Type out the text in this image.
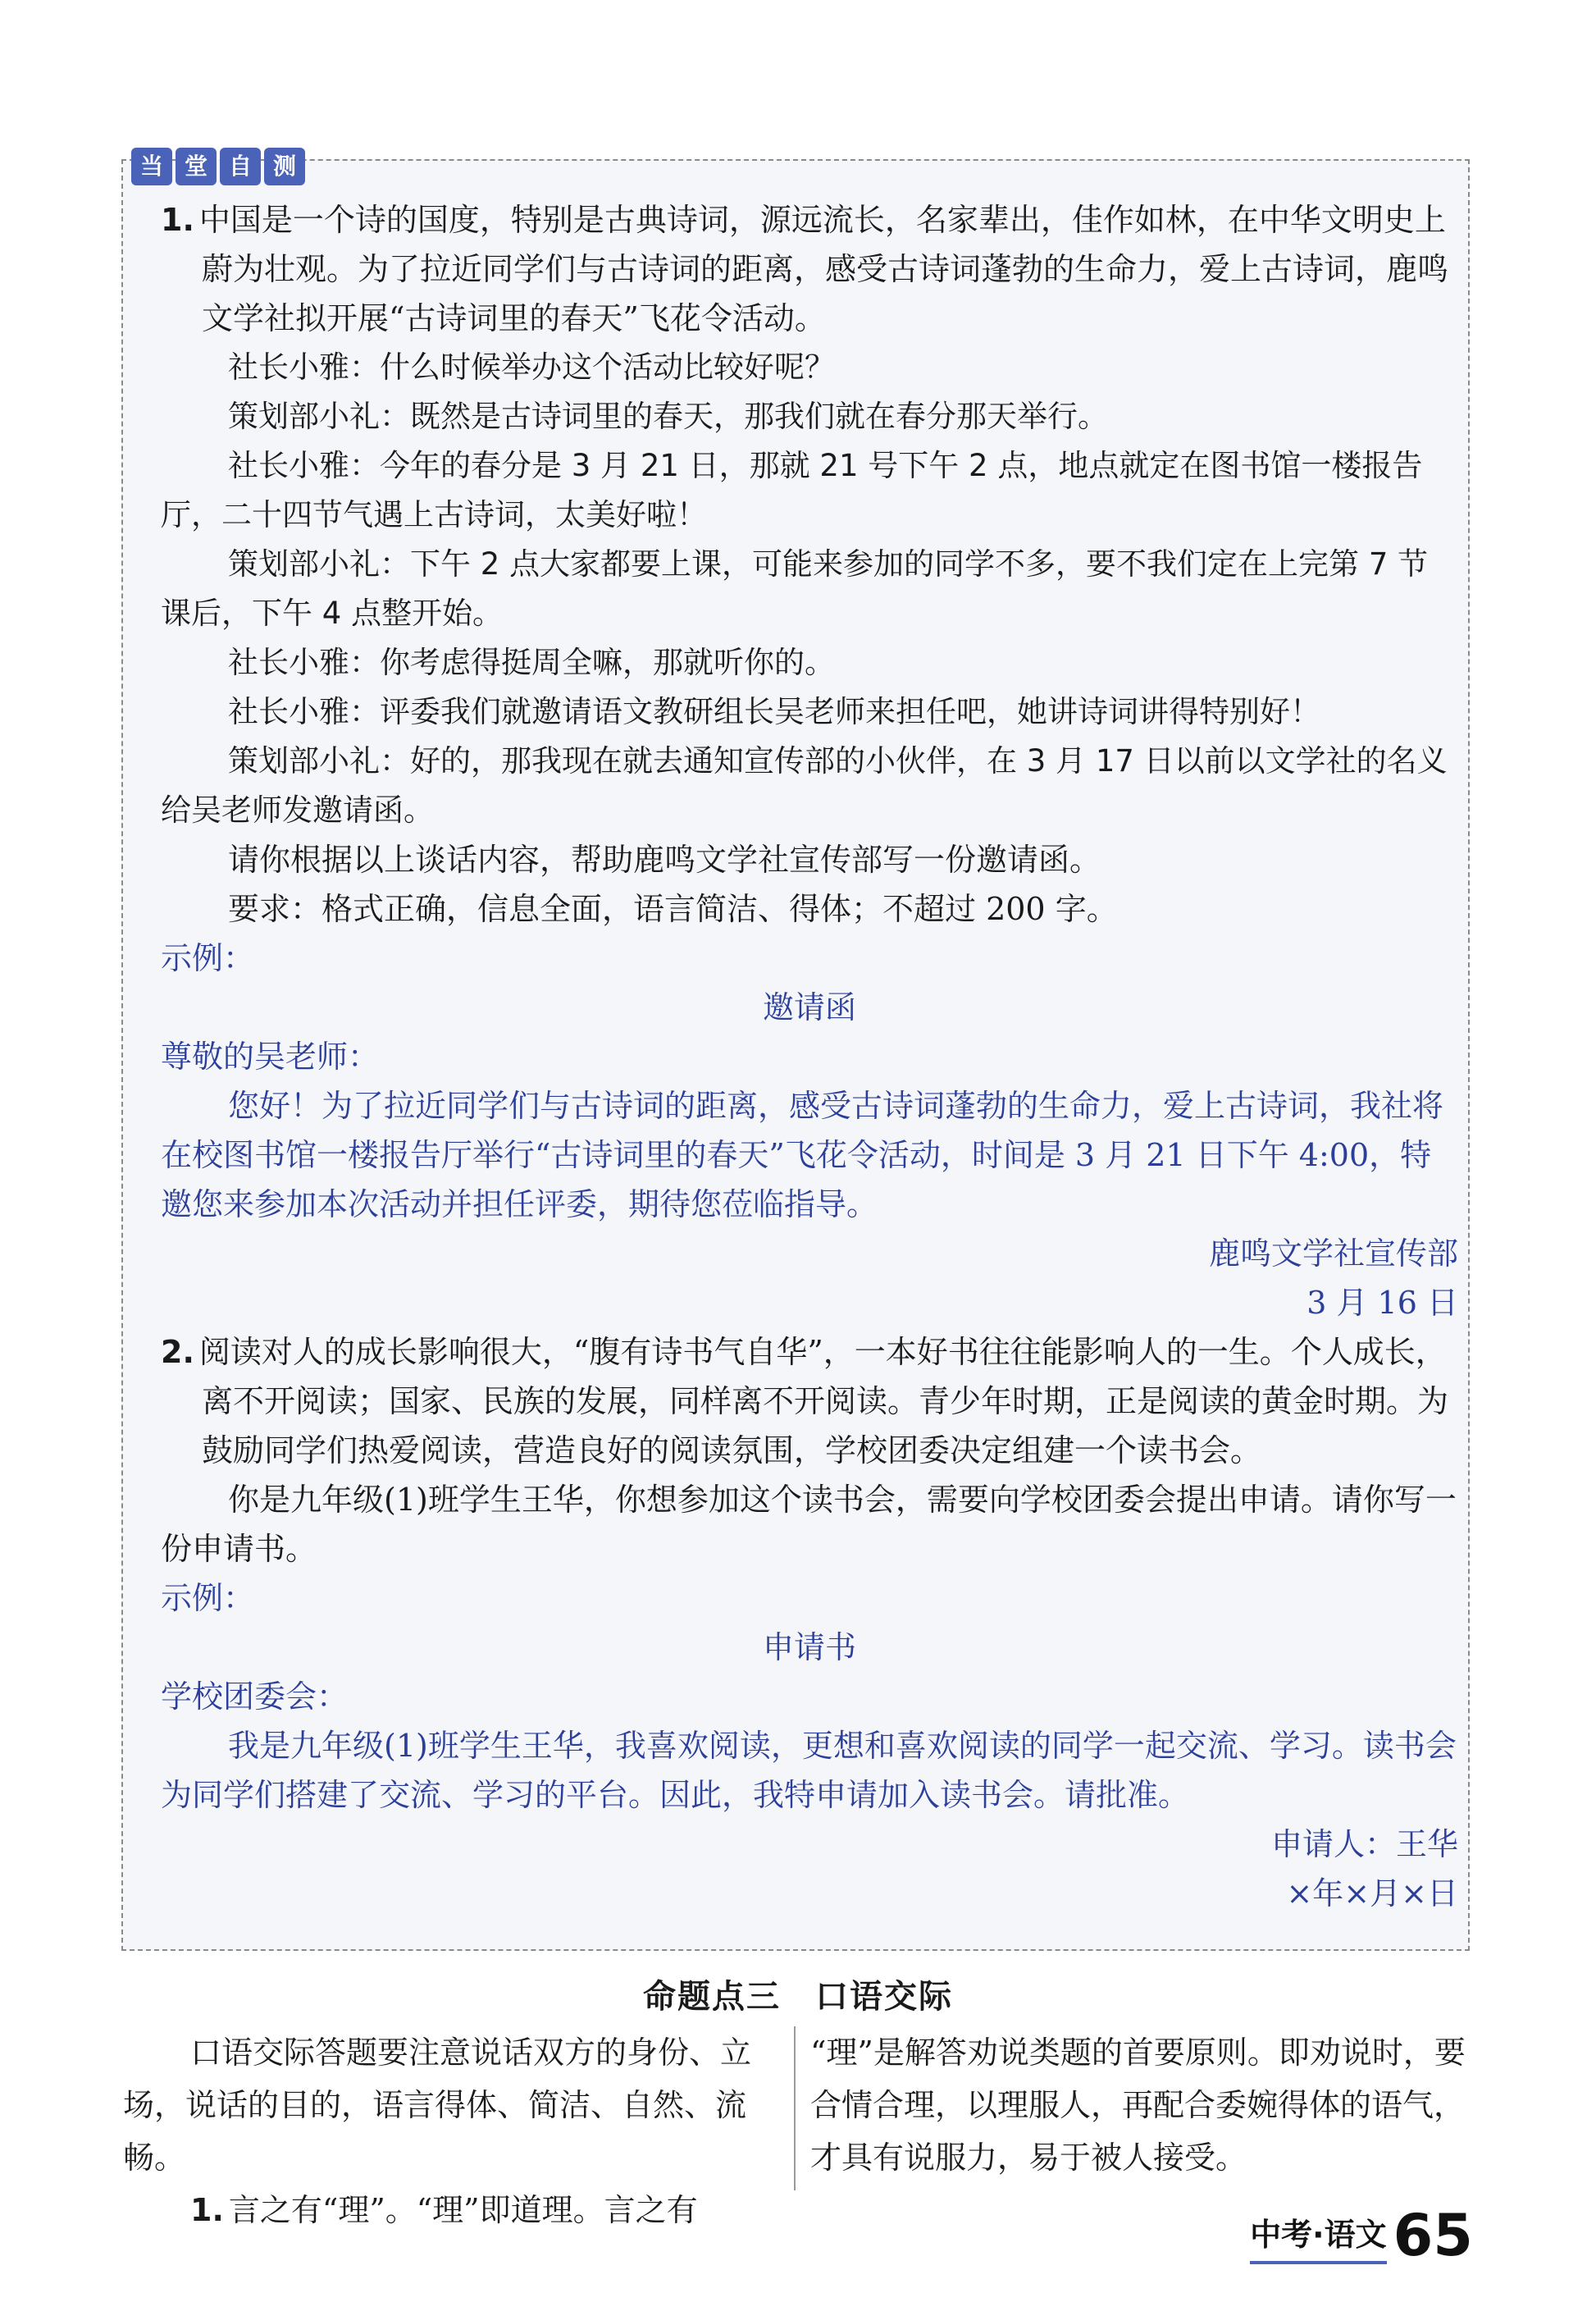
当 堂 自 测

1. 中国是一个诗的国度，特别是古典诗词，源远流长，名家辈出，佳作如林，在中华文明史上蔚为壮观。为了拉近同学们与古诗词的距离，感受古诗词蓬勃的生命力，爱上古诗词，鹿鸣文学社拟开展“古诗词里的春天”飞花令活动。

社长小雅：什么时候举办这个活动比较好呢？

策划部小礼：既然是古诗词里的春天，那我们就在春分那天举行。

社长小雅：今年的春分是 3 月 21 日，那就 21 号下午 2 点，地点就定在图书馆一楼报告厅，二十四节气遇上古诗词，太美好啦！

策划部小礼：下午 2 点大家都要上课，可能来参加的同学不多，要不我们定在上完第 7 节课后，下午 4 点整开始。

社长小雅：你考虑得挺周全嘛，那就听你的。

社长小雅：评委我们就邀请语文教研组长吴老师来担任吧，她讲诗词讲得特别好！

策划部小礼：好的，那我现在就去通知宣传部的小伙伴，在 3 月 17 日以前以文学社的名义给吴老师发邀请函。

请你根据以上谈话内容，帮助鹿鸣文学社宣传部写一份邀请函。

要求：格式正确，信息全面，语言简洁、得体；不超过 200 字。

示例：

邀请函

尊敬的吴老师：

您好！为了拉近同学们与古诗词的距离，感受古诗词蓬勃的生命力，爱上古诗词，我社将在校图书馆一楼报告厅举行“古诗词里的春天”飞花令活动，时间是 3 月 21 日下午 4:00，特邀您来参加本次活动并担任评委，期待您莅临指导。

鹿鸣文学社宣传部

3 月 16 日

2. 阅读对人的成长影响很大，“腹有诗书气自华”，一本好书往往能影响人的一生。个人成长，离不开阅读；国家、民族的发展，同样离不开阅读。青少年时期，正是阅读的黄金时期。为鼓励同学们热爱阅读，营造良好的阅读氛围，学校团委决定组建一个读书会。

你是九年级(1)班学生王华，你想参加这个读书会，需要向学校团委会提出申请。请你写一份申请书。

示例：

申请书

学校团委会：

我是九年级(1)班学生王华，我喜欢阅读，更想和喜欢阅读的同学一起交流、学习。读书会为同学们搭建了交流、学习的平台。因此，我特申请加入读书会。请批准。

申请人：王华

×年×月×日

命题点三　口语交际

口语交际答题要注意说话双方的身份、立场，说话的目的，语言得体、简洁、自然、流畅。

1. 言之有“理”。“理”即道理。言之有

“理”是解答劝说类题的首要原则。即劝说时，要合情合理，以理服人，再配合委婉得体的语气，才具有说服力，易于被人接受。

中考·语文 65
